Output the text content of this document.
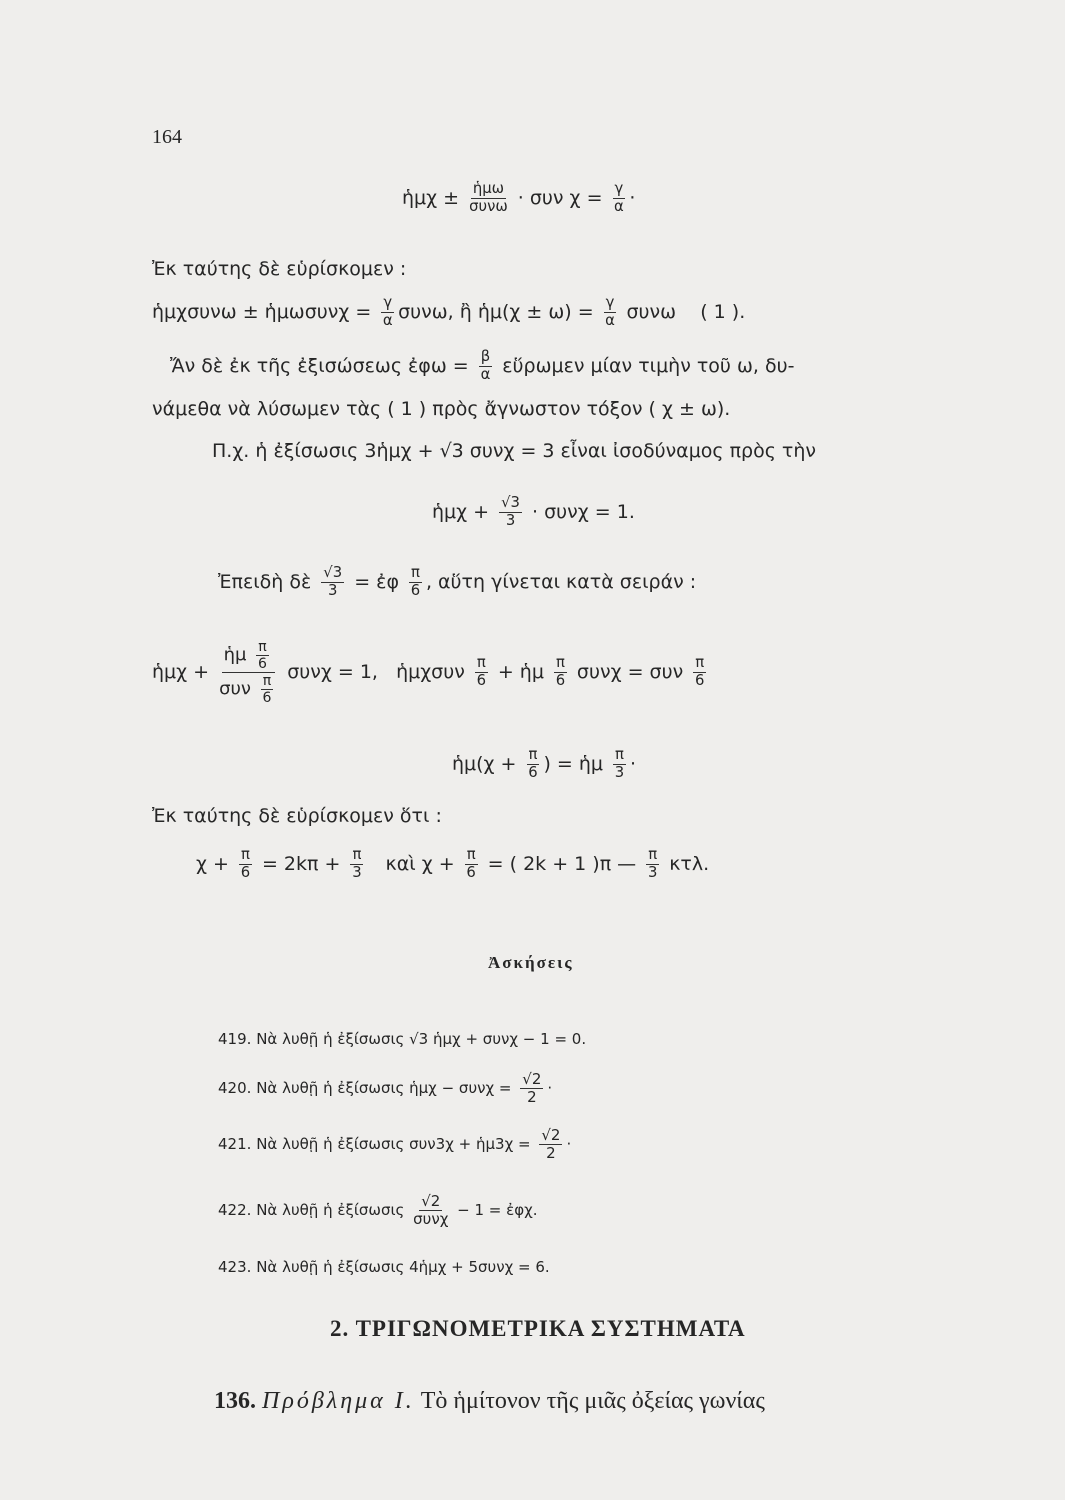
164
ἡμχ ± $\frac{\text{ἡμω}}{\text{συνω}} \cdot \sigma\upsilon\nu$ $\chi = \frac{\gamma}{\alpha}$ ·
Ἐκ ταύτης δὲ εὑρίσκομεν :
ἡμχσυνω ± ἡμωσυνχ = $\frac{\gamma}{\alpha} \sigma\upsilon\nu\omega$, ἢ ἡμ(χ ± $\omega) = \frac{\gamma}{\alpha}$ συνω    ( 1 ).
Ἄν δὲ ἐκ τῆς ἐξισώσεως ἐφω = $\frac{\beta}{\alpha}$ εὕρωμεν μίαν τιμὴν τοῦ ω, δυ-
νάμεθα νὰ λύσωμεν τὰς ( 1 ) πρὸς ἄγνωστον τόξον ( χ ± ω).
Π.χ. ἡ ἐξίσωσις 3ἡμχ + √3 συνχ = 3 εἶναι ἰσοδύναμος πρὸς τὴν
ἡμχ + $\frac{√3}{3} \cdot \sigma\upsilon\nu\chi = 1$.
Ἐπειδὴ δὲ $\frac{√3}{3}$ = ἐφ $\frac{\pi}{6}$ , αὕτη γίνεται κατὰ σειράν :
ἡμχ + $\frac{ἡ\mu \frac{\pi}{6}}{\sigma\upsilon\nu \frac{\pi}{6}}$ συνχ = 1,   ἡμχσυν $\frac{\pi}{6}$ + ἡμ $\frac{\pi}{6}$ συνχ = συν $\frac{\pi}{6}$
ἡμ(χ + $\frac{\pi}{6}$ ) = ἡμ $\frac{\pi}{3}$ ·
Ἐκ ταύτης δὲ εὑρίσκομεν ὅτι :
$\chi + \frac{\pi}{6} = 2k\pi + \frac{\pi}{3}$ καὶ $\chi + \frac{\pi}{6}$ = ( 2k + 1 )π — $\frac{\pi}{3} \kappa\tau\lambda$.
Ἀσκήσεις
419. Νὰ λυθῇ ἡ ἐξίσωσις √3 ἡμχ + συνχ − 1 = 0.
420. Νὰ λυθῇ ἡ ἐξίσωσις ἡμχ − $\sigma\upsilon\nu\chi = \frac{√2}{2}$ ·
421. Νὰ λυθῇ ἡ ἐξίσωσις συν3χ + ἡμ3χ = $\frac{√2}{2}$ ·
422. Νὰ λυθῇ ἡ ἐξίσωσις $\frac{√2}{\text{συνχ}} - 1$ = ἐφχ.
423. Νὰ λυθῇ ἡ ἐξίσωσις 4ἡμχ + 5συνχ = 6.
2. ΤΡΙΓΩΝΟΜΕΤΡΙΚΑ ΣΥΣΤΗΜΑΤΑ
136. Πρόβλημα I. Τὸ ἡμίτονον τῆς μιᾶς ὀξείας γωνίας
